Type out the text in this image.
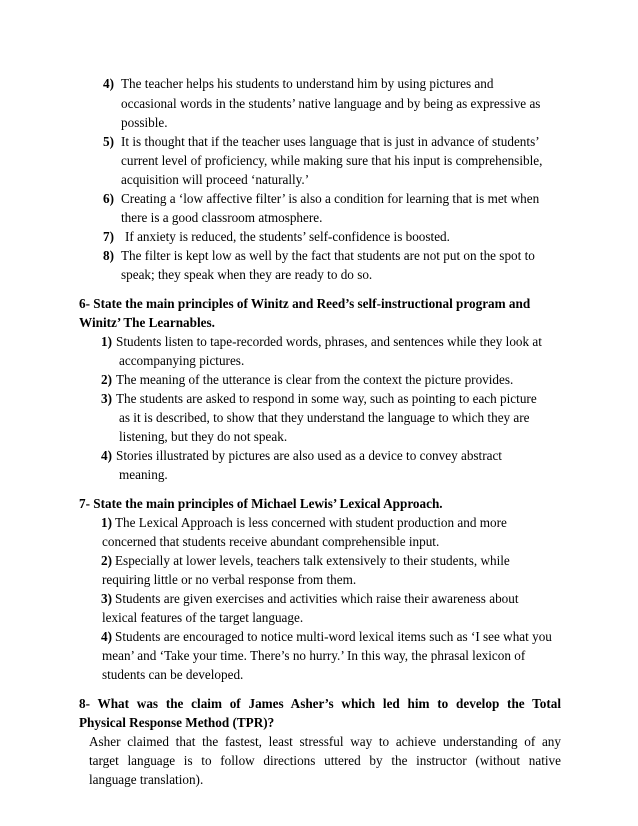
4) The teacher helps his students to understand him by using pictures and
occasional words in the students’ native language and by being as expressive as
possible.
5) It is thought that if the teacher uses language that is just in advance of students’
current level of proficiency, while making sure that his input is comprehensible,
acquisition will proceed ‘naturally.’
6) Creating a ‘low affective filter’ is also a condition for learning that is met when
there is a good classroom atmosphere.
7) If anxiety is reduced, the students’ self-confidence is boosted.
8) The filter is kept low as well by the fact that students are not put on the spot to
speak; they speak when they are ready to do so.
6- State the main principles of Winitz and Reed’s self-instructional program and
Winitz’ The Learnables.
1) Students listen to tape-recorded words, phrases, and sentences while they look at
accompanying pictures.
2) The meaning of the utterance is clear from the context the picture provides.
3) The students are asked to respond in some way, such as pointing to each picture
as it is described, to show that they understand the language to which they are
listening, but they do not speak.
4) Stories illustrated by pictures are also used as a device to convey abstract
meaning.
7- State the main principles of Michael Lewis’ Lexical Approach.
1) The Lexical Approach is less concerned with student production and more
concerned that students receive abundant comprehensible input.
2) Especially at lower levels, teachers talk extensively to their students, while
requiring little or no verbal response from them.
3) Students are given exercises and activities which raise their awareness about
lexical features of the target language.
4) Students are encouraged to notice multi-word lexical items such as ‘I see what you
mean’ and ‘Take your time. There’s no hurry.’ In this way, the phrasal lexicon of
students can be developed.
8- What was the claim of James Asher’s which led him to develop the Total
Physical Response Method (TPR)?
Asher claimed that the fastest, least stressful way to achieve understanding of any
target language is to follow directions uttered by the instructor (without native
language translation).
